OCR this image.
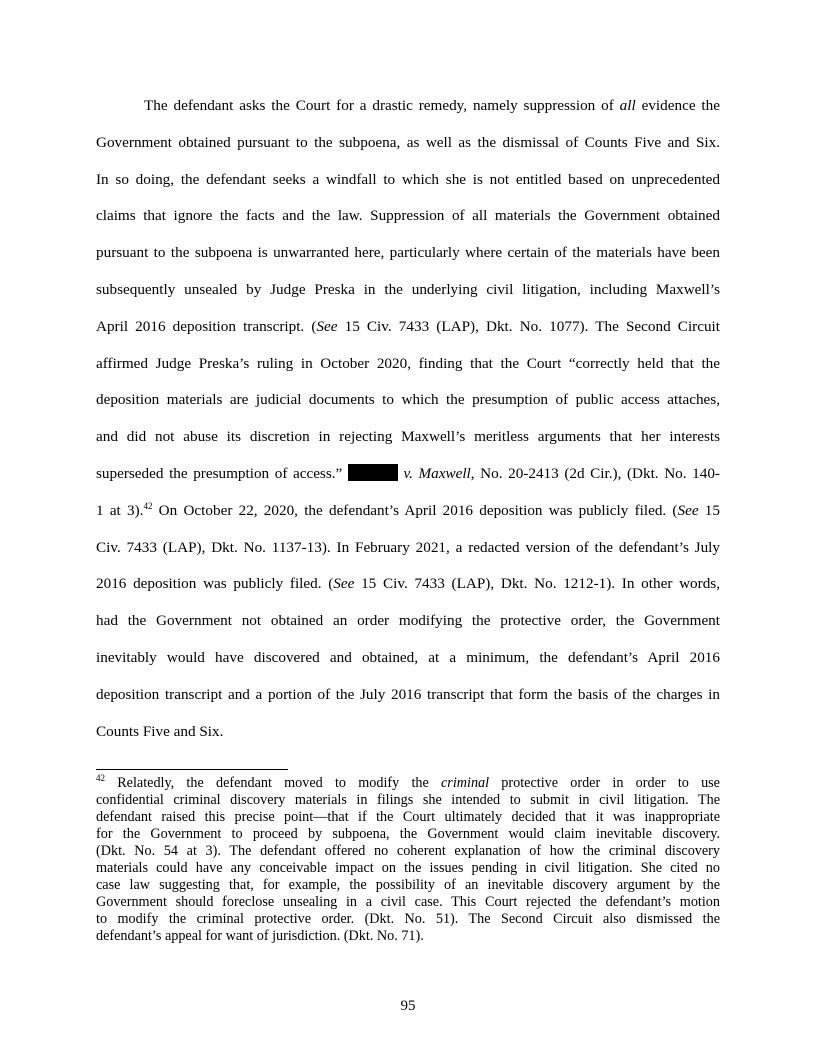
The defendant asks the Court for a drastic remedy, namely suppression of all evidence the

Government obtained pursuant to the subpoena, as well as the dismissal of Counts Five and Six.

In so doing, the defendant seeks a windfall to which she is not entitled based on unprecedented

claims that ignore the facts and the law. Suppression of all materials the Government obtained

pursuant to the subpoena is unwarranted here, particularly where certain of the materials have been

subsequently unsealed by Judge Preska in the underlying civil litigation, including Maxwell’s

April 2016 deposition transcript. (See 15 Civ. 7433 (LAP), Dkt. No. 1077). The Second Circuit

affirmed Judge Preska’s ruling in October 2020, finding that the Court “correctly held that the

deposition materials are judicial documents to which the presumption of public access attaches,

and did not abuse its discretion in rejecting Maxwell’s meritless arguments that her interests

superseded the presumption of access.”	v. Maxwell, No. 20-2413 (2d Cir.), (Dkt. No. 140-

1 at 3).$^{42}$ On October 22, 2020, the defendant’s April 2016 deposition was publicly filed. (See 15

Civ. 7433 (LAP), Dkt. No. 1137-13). In February 2021, a redacted version of the defendant’s July

2016 deposition was publicly filed. (See 15 Civ. 7433 (LAP), Dkt. No. 1212-1). In other words,

had the Government not obtained an order modifying the protective order, the Government

inevitably would have discovered and obtained, at a minimum, the defendant’s April 2016

deposition transcript and a portion of the July 2016 transcript that form the basis of the charges in

Counts Five and Six.

$^{42}$ Relatedly, the defendant moved to modify the criminal protective order in order to use

confidential criminal discovery materials in filings she intended to submit in civil litigation. The

defendant raised this precise point—that if the Court ultimately decided that it was inappropriate

for the Government to proceed by subpoena, the Government would claim inevitable discovery.

(Dkt. No. 54 at 3). The defendant offered no coherent explanation of how the criminal discovery

materials could have any conceivable impact on the issues pending in civil litigation. She cited no

case law suggesting that, for example, the possibility of an inevitable discovery argument by the

Government should foreclose unsealing in a civil case. This Court rejected the defendant’s motion

to modify the criminal protective order. (Dkt. No. 51). The Second Circuit also dismissed the

defendant’s appeal for want of jurisdiction. (Dkt. No. 71).

95
